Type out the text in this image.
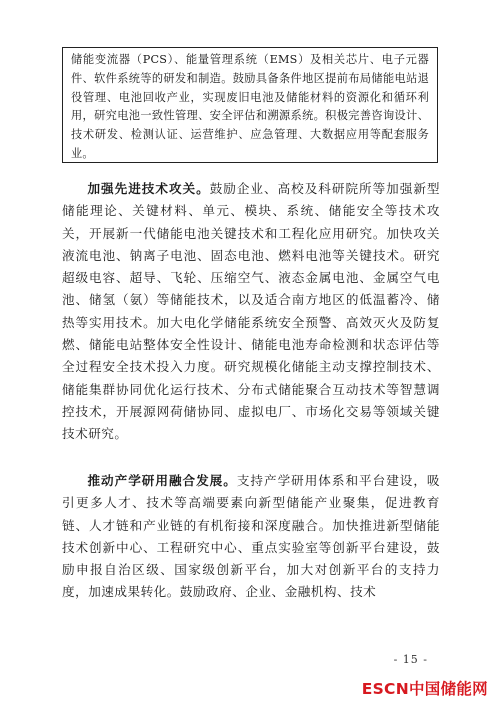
储能变流器（PCS）、能量管理系统（EMS）及相关芯片、电子元器件、软件系统等的研发和制造。鼓励具备条件地区提前布局储能电站退役管理、电池回收产业，实现废旧电池及储能材料的资源化和循环利用，研究电池一致性管理、安全评估和溯源系统。积极完善咨询设计、技术研发、检测认证、运营维护、应急管理、大数据应用等配套服务业。
加强先进技术攻关。鼓励企业、高校及科研院所等加强新型储能理论、关键材料、单元、模块、系统、储能安全等技术攻关，开展新一代储能电池关键技术和工程化应用研究。加快攻关液流电池、钠离子电池、固态电池、燃料电池等关键技术。研究超级电容、超导、飞轮、压缩空气、液态金属电池、金属空气电池、储氢（氨）等储能技术，以及适合南方地区的低温蓄冷、储热等实用技术。加大电化学储能系统安全预警、高效灭火及防复燃、储能电站整体安全性设计、储能电池寿命检测和状态评估等全过程安全技术投入力度。研究规模化储能主动支撑控制技术、储能集群协同优化运行技术、分布式储能聚合互动技术等智慧调控技术，开展源网荷储协同、虚拟电厂、市场化交易等领域关键技术研究。
推动产学研用融合发展。支持产学研用体系和平台建设，吸引更多人才、技术等高端要素向新型储能产业聚集，促进教育链、人才链和产业链的有机衔接和深度融合。加快推进新型储能技术创新中心、工程研究中心、重点实验室等创新平台建设，鼓励申报自治区级、国家级创新平台，加大对创新平台的支持力度，加速成果转化。鼓励政府、企业、金融机构、技术
- 15 -
ESCN中国储能网
